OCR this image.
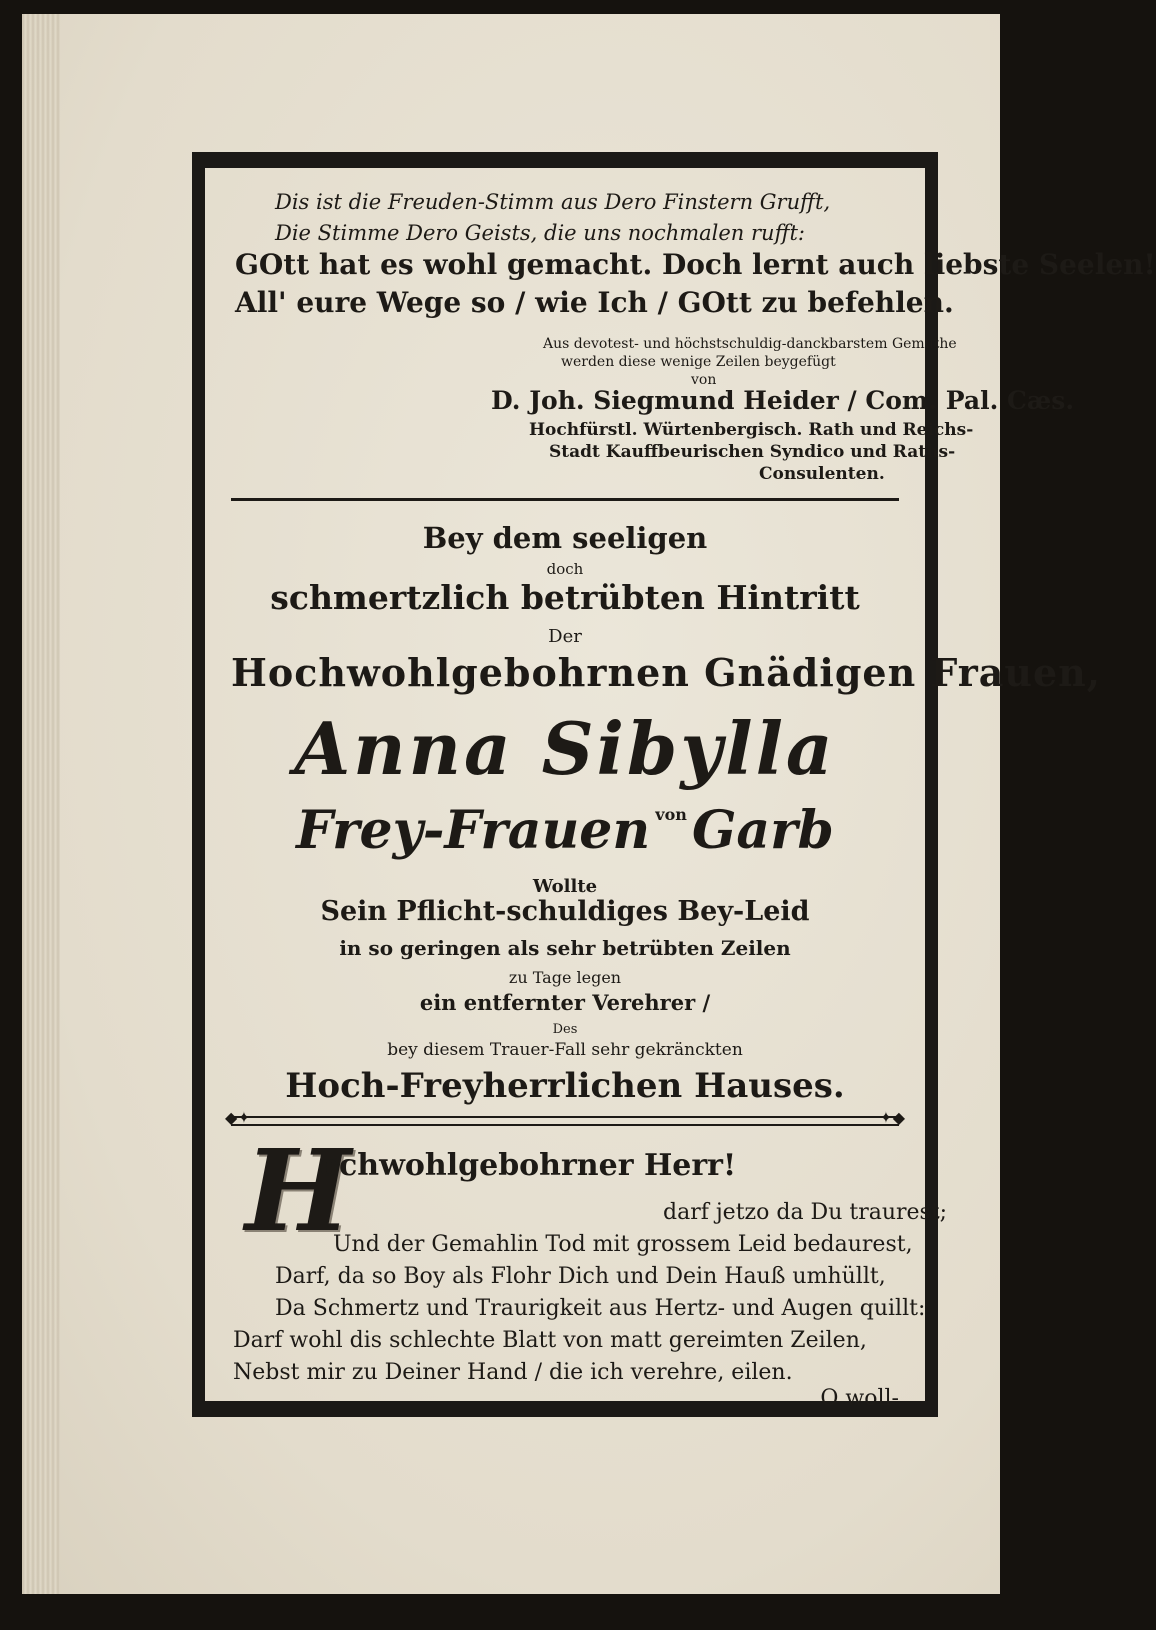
Dis ist die Freuden-Stimm aus Dero Finstern Grufft,
Die Stimme Dero Geists, die uns nochmalen rufft:
GOtt hat es wohl gemacht. Doch lernt auch liebste Seelen!
All' eure Wege so / wie Ich / GOtt zu befehlen.
Aus devotest- und höchstschuldig-danckbarstem Gemüthe
werden diese wenige Zeilen beygefügt
von
D. Joh. Siegmund Heider / Com. Pal. Cæs.
Hochfürstl. Würtenbergisch. Rath und Reichs-
Stadt Kauffbeurischen Syndico und Raths-
Consulenten.
Bey dem seeligen
doch
schmertzlich betrübten Hintritt
Der
Hochwohlgebohrnen Gnädigen Frauen,
Anna Sibylla
Frey-Frauen von Garb
Wollte
Sein Pflicht-schuldiges Bey-Leid
in so geringen als sehr betrübten Zeilen
zu Tage legen
ein entfernter Verehrer /
Des
bey diesem Trauer-Fall sehr gekränckten
Hoch-Freyherrlichen Hauses.
◆✦	✦◆
H
ochwohlgebohrner Herr!
darf jetzo da Du traurest;
Und der Gemahlin Tod mit grossem Leid bedaurest,
Darf, da so Boy als Flohr Dich und Dein Hauß umhüllt,
Da Schmertz und Traurigkeit aus Hertz- und Augen quillt:
Darf wohl dis schlechte Blatt von matt gereimten Zeilen,
Nebst mir zu Deiner Hand / die ich verehre, eilen.
O woll-
